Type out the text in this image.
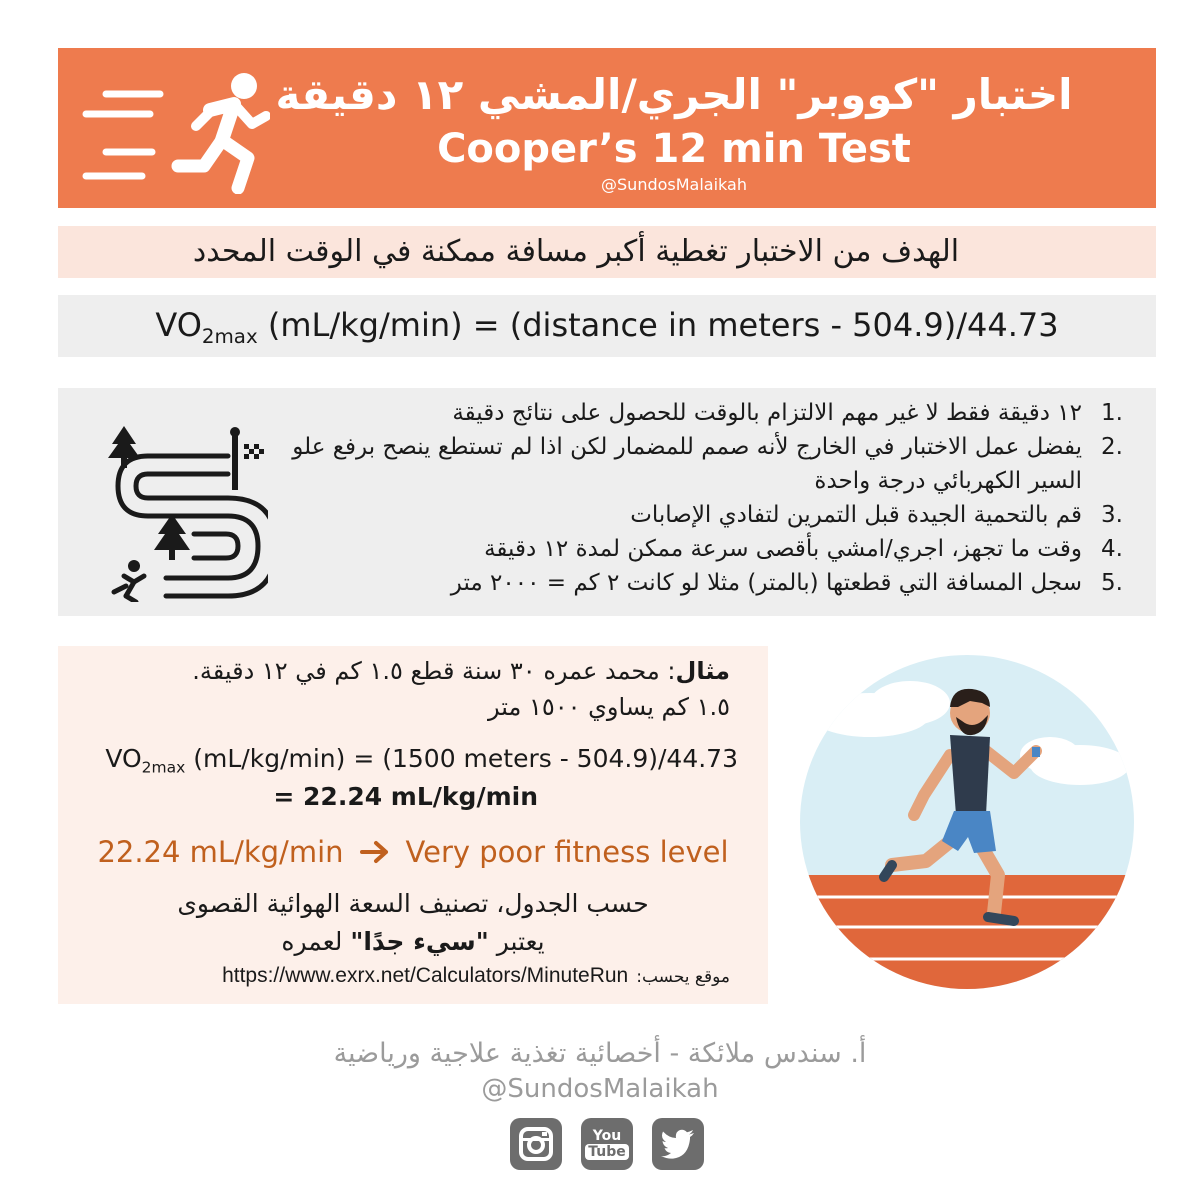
اختبار "كووبر" الجري/المشي ١٢ دقيقة
Cooper’s 12 min Test
@SundosMalaikah
الهدف من الاختبار تغطية أكبر مسافة ممكنة في الوقت المحدد
$VO_{2max}$ (mL/kg/min) = (distance in meters - 504.9)/44.73
1.
١٢ دقيقة فقط لا غير مهم الالتزام بالوقت للحصول على نتائج دقيقة
2.
يفضل عمل الاختبار في الخارج لأنه صمم للمضمار لكن اذا لم تستطع ينصح برفع علو السير الكهربائي درجة واحدة
3.
قم بالتحمية الجيدة قبل التمرين لتفادي الإصابات
4.
وقت ما تجهز، اجري/امشي بأقصى سرعة ممكن لمدة ١٢ دقيقة
5.
سجل المسافة التي قطعتها (بالمتر) مثلا لو كانت ٢ كم = ٢٠٠٠ متر
مثال: محمد عمره ٣٠ سنة قطع ١.٥ كم في ١٢ دقيقة.
١.٥ كم يساوي ١٥٠٠ متر
$VO_{2max}$ (mL/kg/min) = (1500 meters - 504.9)/44.73
= 22.24 mL/kg/min
22.24 mL/kg/min Very poor fitness level
حسب الجدول، تصنيف السعة الهوائية القصوى
يعتبر "سيء جدًا" لعمره
موقع يحسب:
https://www.exrx.net/Calculators/MinuteRun
أ. سندس ملائكة - أخصائية تغذية علاجية ورياضية
@SundosMalaikah
You
Tube
